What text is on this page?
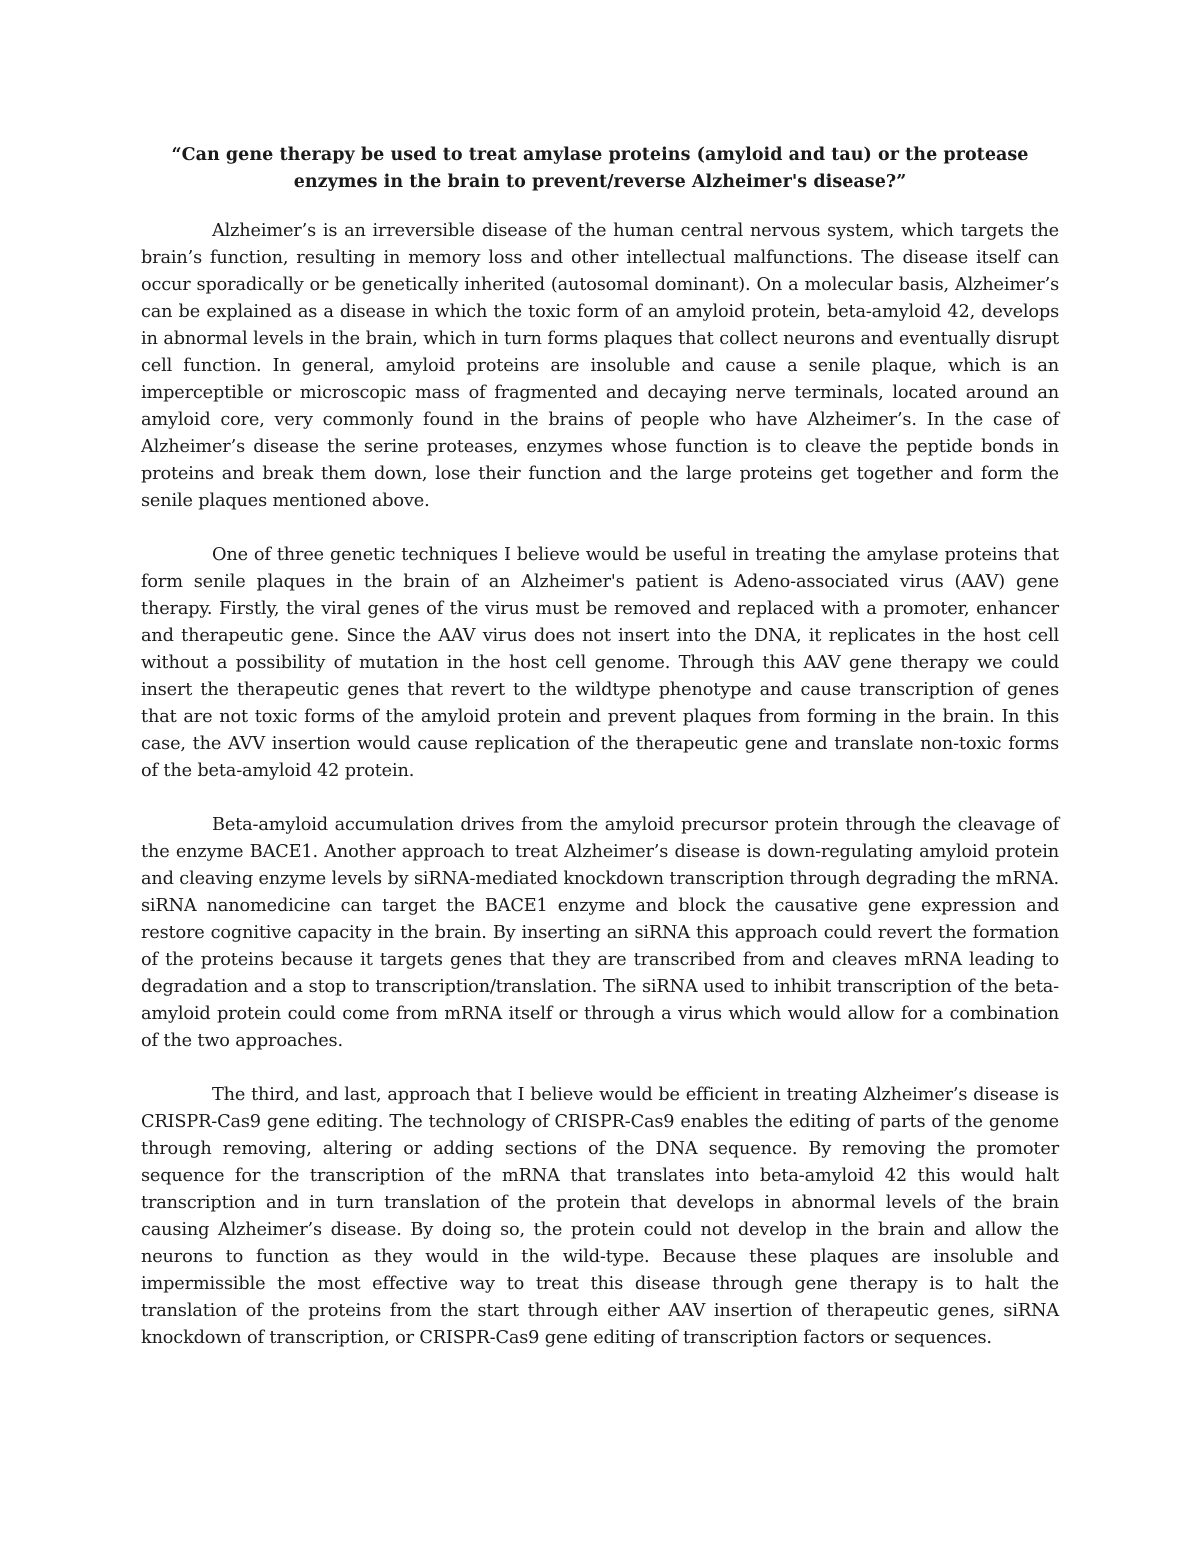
“Can gene therapy be used to treat amylase proteins (amyloid and tau) or the protease enzymes in the brain to prevent/reverse Alzheimer's disease?”

Alzheimer’s is an irreversible disease of the human central nervous system, which targets the brain’s function, resulting in memory loss and other intellectual malfunctions. The disease itself can occur sporadically or be genetically inherited (autosomal dominant). On a molecular basis, Alzheimer’s can be explained as a disease in which the toxic form of an amyloid protein, beta-amyloid 42, develops in abnormal levels in the brain, which in turn forms plaques that collect neurons and eventually disrupt cell function. In general, amyloid proteins are insoluble and cause a senile plaque, which is an imperceptible or microscopic mass of fragmented and decaying nerve terminals, located around an amyloid core, very commonly found in the brains of people who have Alzheimer’s. In the case of Alzheimer’s disease the serine proteases, enzymes whose function is to cleave the peptide bonds in proteins and break them down, lose their function and the large proteins get together and form the senile plaques mentioned above.

One of three genetic techniques I believe would be useful in treating the amylase proteins that form senile plaques in the brain of an Alzheimer's patient is Adeno-associated virus (AAV) gene therapy. Firstly, the viral genes of the virus must be removed and replaced with a promoter, enhancer and therapeutic gene. Since the AAV virus does not insert into the DNA, it replicates in the host cell without a possibility of mutation in the host cell genome. Through this AAV gene therapy we could insert the therapeutic genes that revert to the wildtype phenotype and cause transcription of genes that are not toxic forms of the amyloid protein and prevent plaques from forming in the brain. In this case, the AVV insertion would cause replication of the therapeutic gene and translate non-toxic forms of the beta-amyloid 42 protein.

Beta-amyloid accumulation drives from the amyloid precursor protein through the cleavage of the enzyme BACE1. Another approach to treat Alzheimer’s disease is down-regulating amyloid protein and cleaving enzyme levels by siRNA-mediated knockdown transcription through degrading the mRNA. siRNA nanomedicine can target the BACE1 enzyme and block the causative gene expression and restore cognitive capacity in the brain. By inserting an siRNA this approach could revert the formation of the proteins because it targets genes that they are transcribed from and cleaves mRNA leading to degradation and a stop to transcription/translation. The siRNA used to inhibit transcription of the beta-amyloid protein could come from mRNA itself or through a virus which would allow for a combination of the two approaches.

The third, and last, approach that I believe would be efficient in treating Alzheimer’s disease is CRISPR-Cas9 gene editing. The technology of CRISPR-Cas9 enables the editing of parts of the genome through removing, altering or adding sections of the DNA sequence. By removing the promoter sequence for the transcription of the mRNA that translates into beta-amyloid 42 this would halt transcription and in turn translation of the protein that develops in abnormal levels of the brain causing Alzheimer’s disease. By doing so, the protein could not develop in the brain and allow the neurons to function as they would in the wild-type. Because these plaques are insoluble and impermissible the most effective way to treat this disease through gene therapy is to halt the translation of the proteins from the start through either AAV insertion of therapeutic genes, siRNA knockdown of transcription, or CRISPR-Cas9 gene editing of transcription factors or sequences.
